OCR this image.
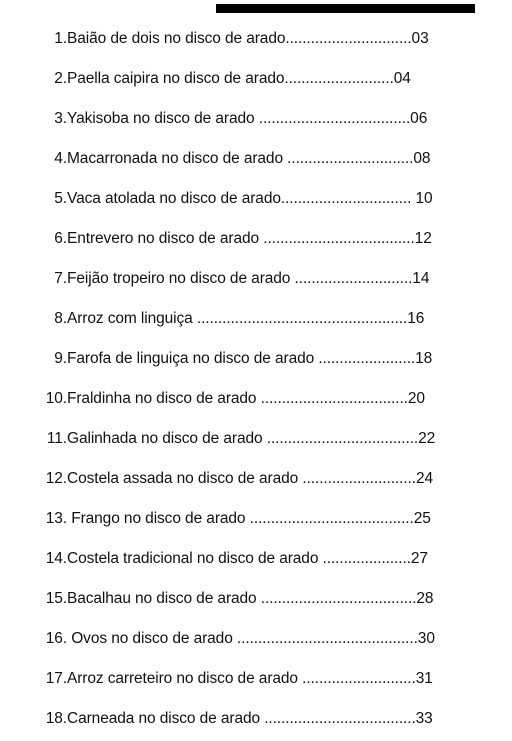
1. Baião de dois no disco de arado..............................03
2. Paella caipira no disco de arado..........................04
3. Yakisoba no disco de arado ....................................06
4. Macarronada no disco de arado ..............................08
5. Vaca atolada no disco de arado............................... 10
6. Entrevero no disco de arado ....................................12
7. Feijão tropeiro no disco de arado ............................14
8. Arroz com linguiça ..................................................16
9. Farofa de linguiça no disco de arado .......................18
10. Fraldinha no disco de arado ...................................20
11. Galinhada no disco de arado ....................................22
12. Costela assada no disco de arado ...........................24
13. Frango no disco de arado .......................................25
14. Costela tradicional no disco de arado .....................27
15. Bacalhau no disco de arado .....................................28
16. Ovos no disco de arado ...........................................30
17. Arroz carreteiro no disco de arado ...........................31
18. Carneada no disco de arado ....................................33
